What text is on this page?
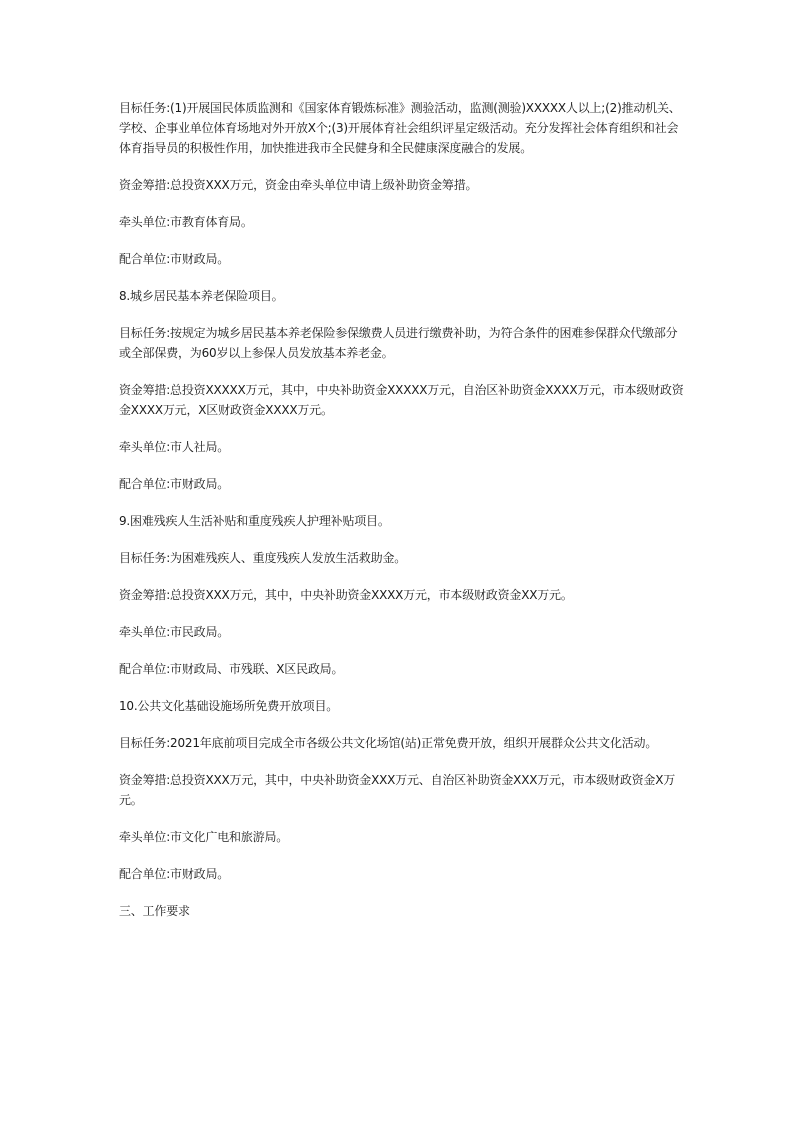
目标任务:(1)开展国民体质监测和《国家体育锻炼标准》测验活动，监测(测验)XXXXX人以上;(2)推动机关、学校、企事业单位体育场地对外开放X个;(3)开展体育社会组织评星定级活动。充分发挥社会体育组织和社会体育指导员的积极性作用，加快推进我市全民健身和全民健康深度融合的发展。

资金筹措:总投资XXX万元，资金由牵头单位申请上级补助资金筹措。

牵头单位:市教育体育局。

配合单位:市财政局。

8.城乡居民基本养老保险项目。

目标任务:按规定为城乡居民基本养老保险参保缴费人员进行缴费补助，为符合条件的困难参保群众代缴部分或全部保费，为60岁以上参保人员发放基本养老金。

资金筹措:总投资XXXXX万元，其中，中央补助资金XXXXX万元，自治区补助资金XXXX万元，市本级财政资金XXXX万元，X区财政资金XXXX万元。

牵头单位:市人社局。

配合单位:市财政局。

9.困难残疾人生活补贴和重度残疾人护理补贴项目。

目标任务:为困难残疾人、重度残疾人发放生活救助金。

资金筹措:总投资XXX万元，其中，中央补助资金XXXX万元，市本级财政资金XX万元。

牵头单位:市民政局。

配合单位:市财政局、市残联、X区民政局。

10.公共文化基础设施场所免费开放项目。

目标任务:2021年底前项目完成全市各级公共文化场馆(站)正常免费开放，组织开展群众公共文化活动。

资金筹措:总投资XXX万元，其中，中央补助资金XXX万元、自治区补助资金XXX万元，市本级财政资金X万元。

牵头单位:市文化广电和旅游局。

配合单位:市财政局。

三、工作要求
